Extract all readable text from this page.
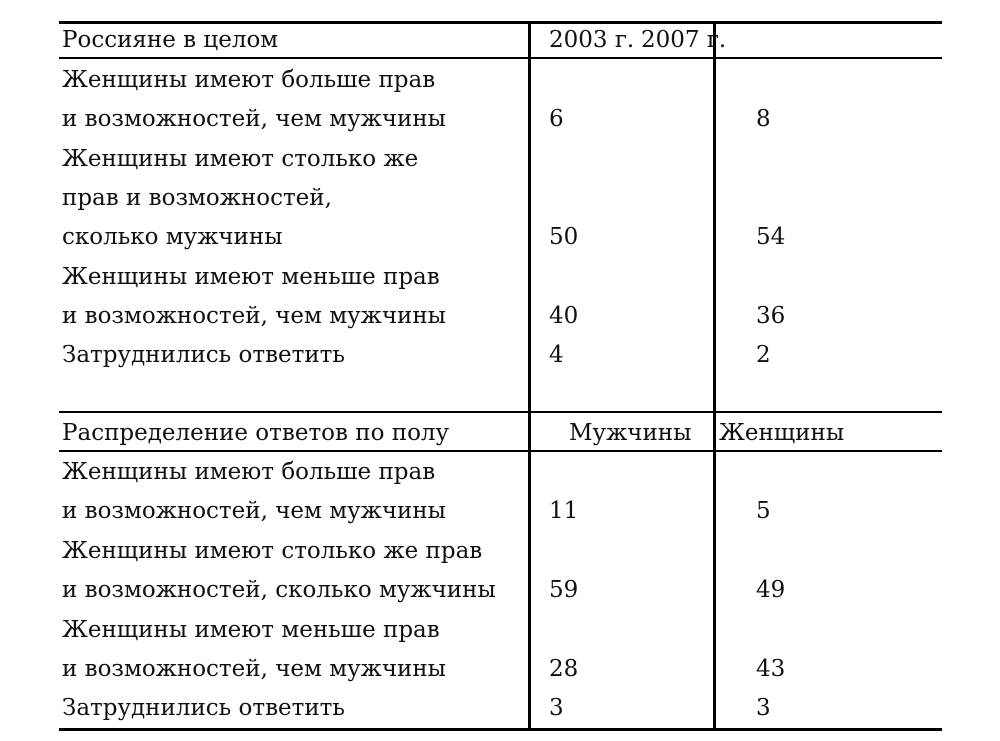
Россияне в целом	2003 г. 2007 г.
Женщины имеют больше прав
и возможностей, чем мужчины	6	8
Женщины имеют столько же
прав и возможностей,
сколько мужчины	50	54
Женщины имеют меньше прав
и возможностей, чем мужчины	40	36
Затруднились ответить	4	2
Распределение ответов по полу	Мужчины Женщины
Женщины имеют больше прав
и возможностей, чем мужчины	11	5
Женщины имеют столько же прав
и возможностей, сколько мужчины 59	49
Женщины имеют меньше прав
и возможностей, чем мужчины	28	43
Затруднились ответить	3	3
